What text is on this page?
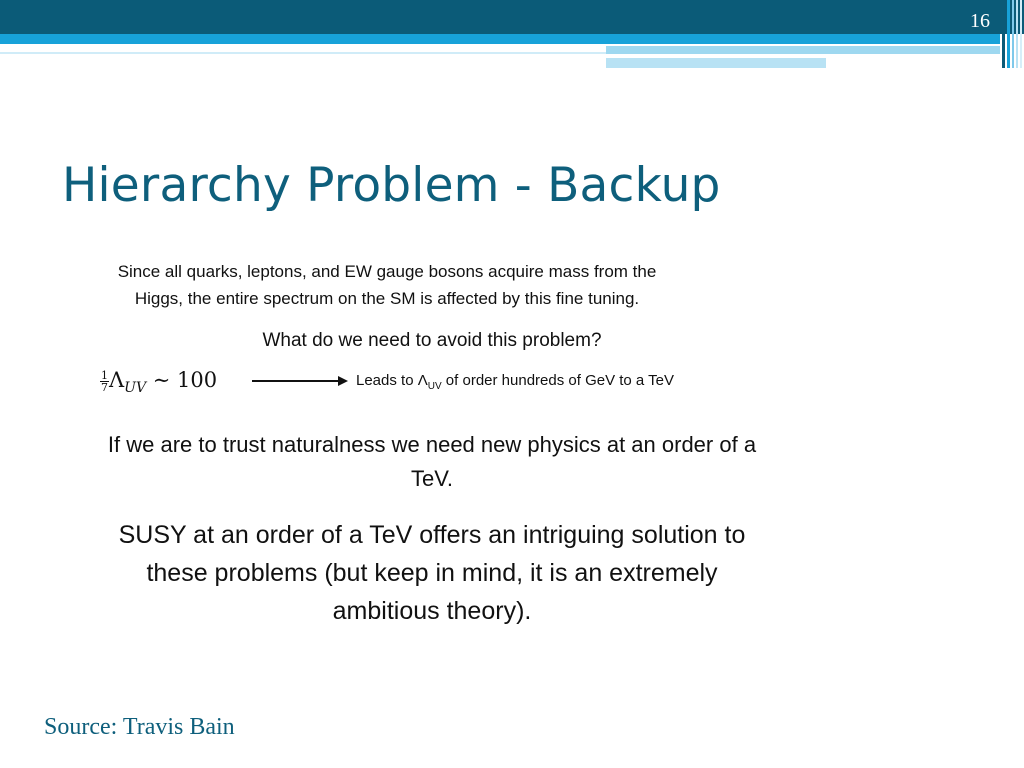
16
Hierarchy Problem - Backup
Since all quarks, leptons, and EW gauge bosons acquire mass from the Higgs, the entire spectrum on the SM is affected by this fine tuning.
What do we need to avoid this problem?
$\frac{1}{7} \Lambda_{UV}$ ∼ 100	Leads to $\Lambda_{UV}$ of order hundreds of GeV to a TeV
If we are to trust naturalness we need new physics at an order of a TeV.
SUSY at an order of a TeV offers an intriguing solution to these problems (but keep in mind, it is an extremely ambitious theory).
Source: Travis Bain
